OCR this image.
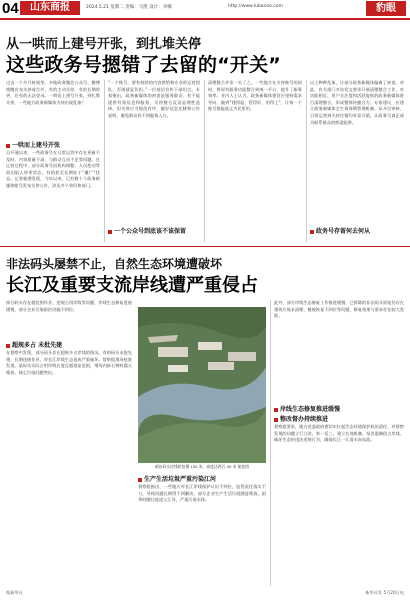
04	山东商报	2024.5.21 星期二 责编：马凯 设计：李娜	http://www.lubanoo.com	豹眼
从一哄而上建号开张，到扎堆关停
这些政务号摁错了去留的“开关”
过去一个多月时间里，多地政务微信公众号、微博相继宣布关停或合并，有的主动关停，有的长期停更，还有的无法登录。一哄而上建号开张，到扎堆关停，一些地方政务新媒体为何出现乱象？
一哄而上建号开张
自开通以来，一些政务号在日常运营中存在更新不及时、内容质量不高、与群众互动不足等问题。在运营过程中，部分政务号因机构调整、人员变动等原因陷入停更状态，有的甚至长期处于“僵尸”状态。记者梳理发现，今年以来，已有数十个政务新媒体账号发布关停公告，涉及多个省份和部门。
“一个账号，要有持续的内容供给和专业的运营团队，否则就是负担。”一位基层宣传干部坦言。专家指出，政务新媒体的初衷是服务群众，若不能提供有效信息和服务，关停整合反而是理性选择。但关停应当规范有序，做好信息迁移和公告说明，避免群众找不到服务入口。
一个公众号到底该不该保留
清理整合并非一关了之。一些地方在关停账号的同时，将原有服务功能整合到统一平台，提升了服务效率。业内人士认为，政务新媒体建设应坚持需求导向，做到“建得起、管得好、用得上”，让每一个账号都能真正为民所用。
以上种种乱象，让部分政务新媒体偏离了初衷。对此，有关部门多次发文要求开展清理整合工作，对功能相近、用户关注度和活跃度低的政务新媒体进行清理整合，形成整体传播合力。专家建议，应建立政务新媒体全生命周期管理机制，从开设审核、日常运营到关停注销均有章可循，让政务号真正成为联系群众的桥梁纽带。
政务号存留何去何从
非法码头屡禁不止，自然生态环境遭破坏
长江及重要支流岸线遭严重侵占
部分码头存在超范围作业、违规占用岸线等问题，岸线生态修复进展缓慢，部分企业污染防治设施不到位。
超规多占 未批先建
在督察中发现，部分码头存在超规多占岸线的情况，有的码头未批先建，长期违规作业，对长江岸线生态造成严重破坏。督察组现场检查发现，某码头实际占用岸线长度远超批复范围，堆场内砂石物料露天堆放，扬尘污染问题突出。
暗访码头岸线时拍摄 150 米、高度达两百 40 米 航拍图
生产生活垃圾严重污染江河
督察组指出，一些地方对长江岸线保护认识不到位，监管责任落实不力，导致问题长期得不到解决。部分企业生产生活垃圾随意堆放，雨季时随径流进入江河，严重污染水体。
此外，部分岸线生态修复工作推进缓慢，已拆除的非法码头原址仍存在建筑垃圾未清理、植被恢复不到位等问题，修复效果与要求存在较大差距。
岸线生态修复推进缓慢
整改督办持续推进
督察组要求，地方党委政府要切实扛起生态环境保护政治责任，对督察发现的问题立行立改，举一反三，建立长效机制，坚决遏制侵占岸线、破坏生态的违法违规行为，确保长江一江清水向东流。
据新华社	新华社发 5月20日电
